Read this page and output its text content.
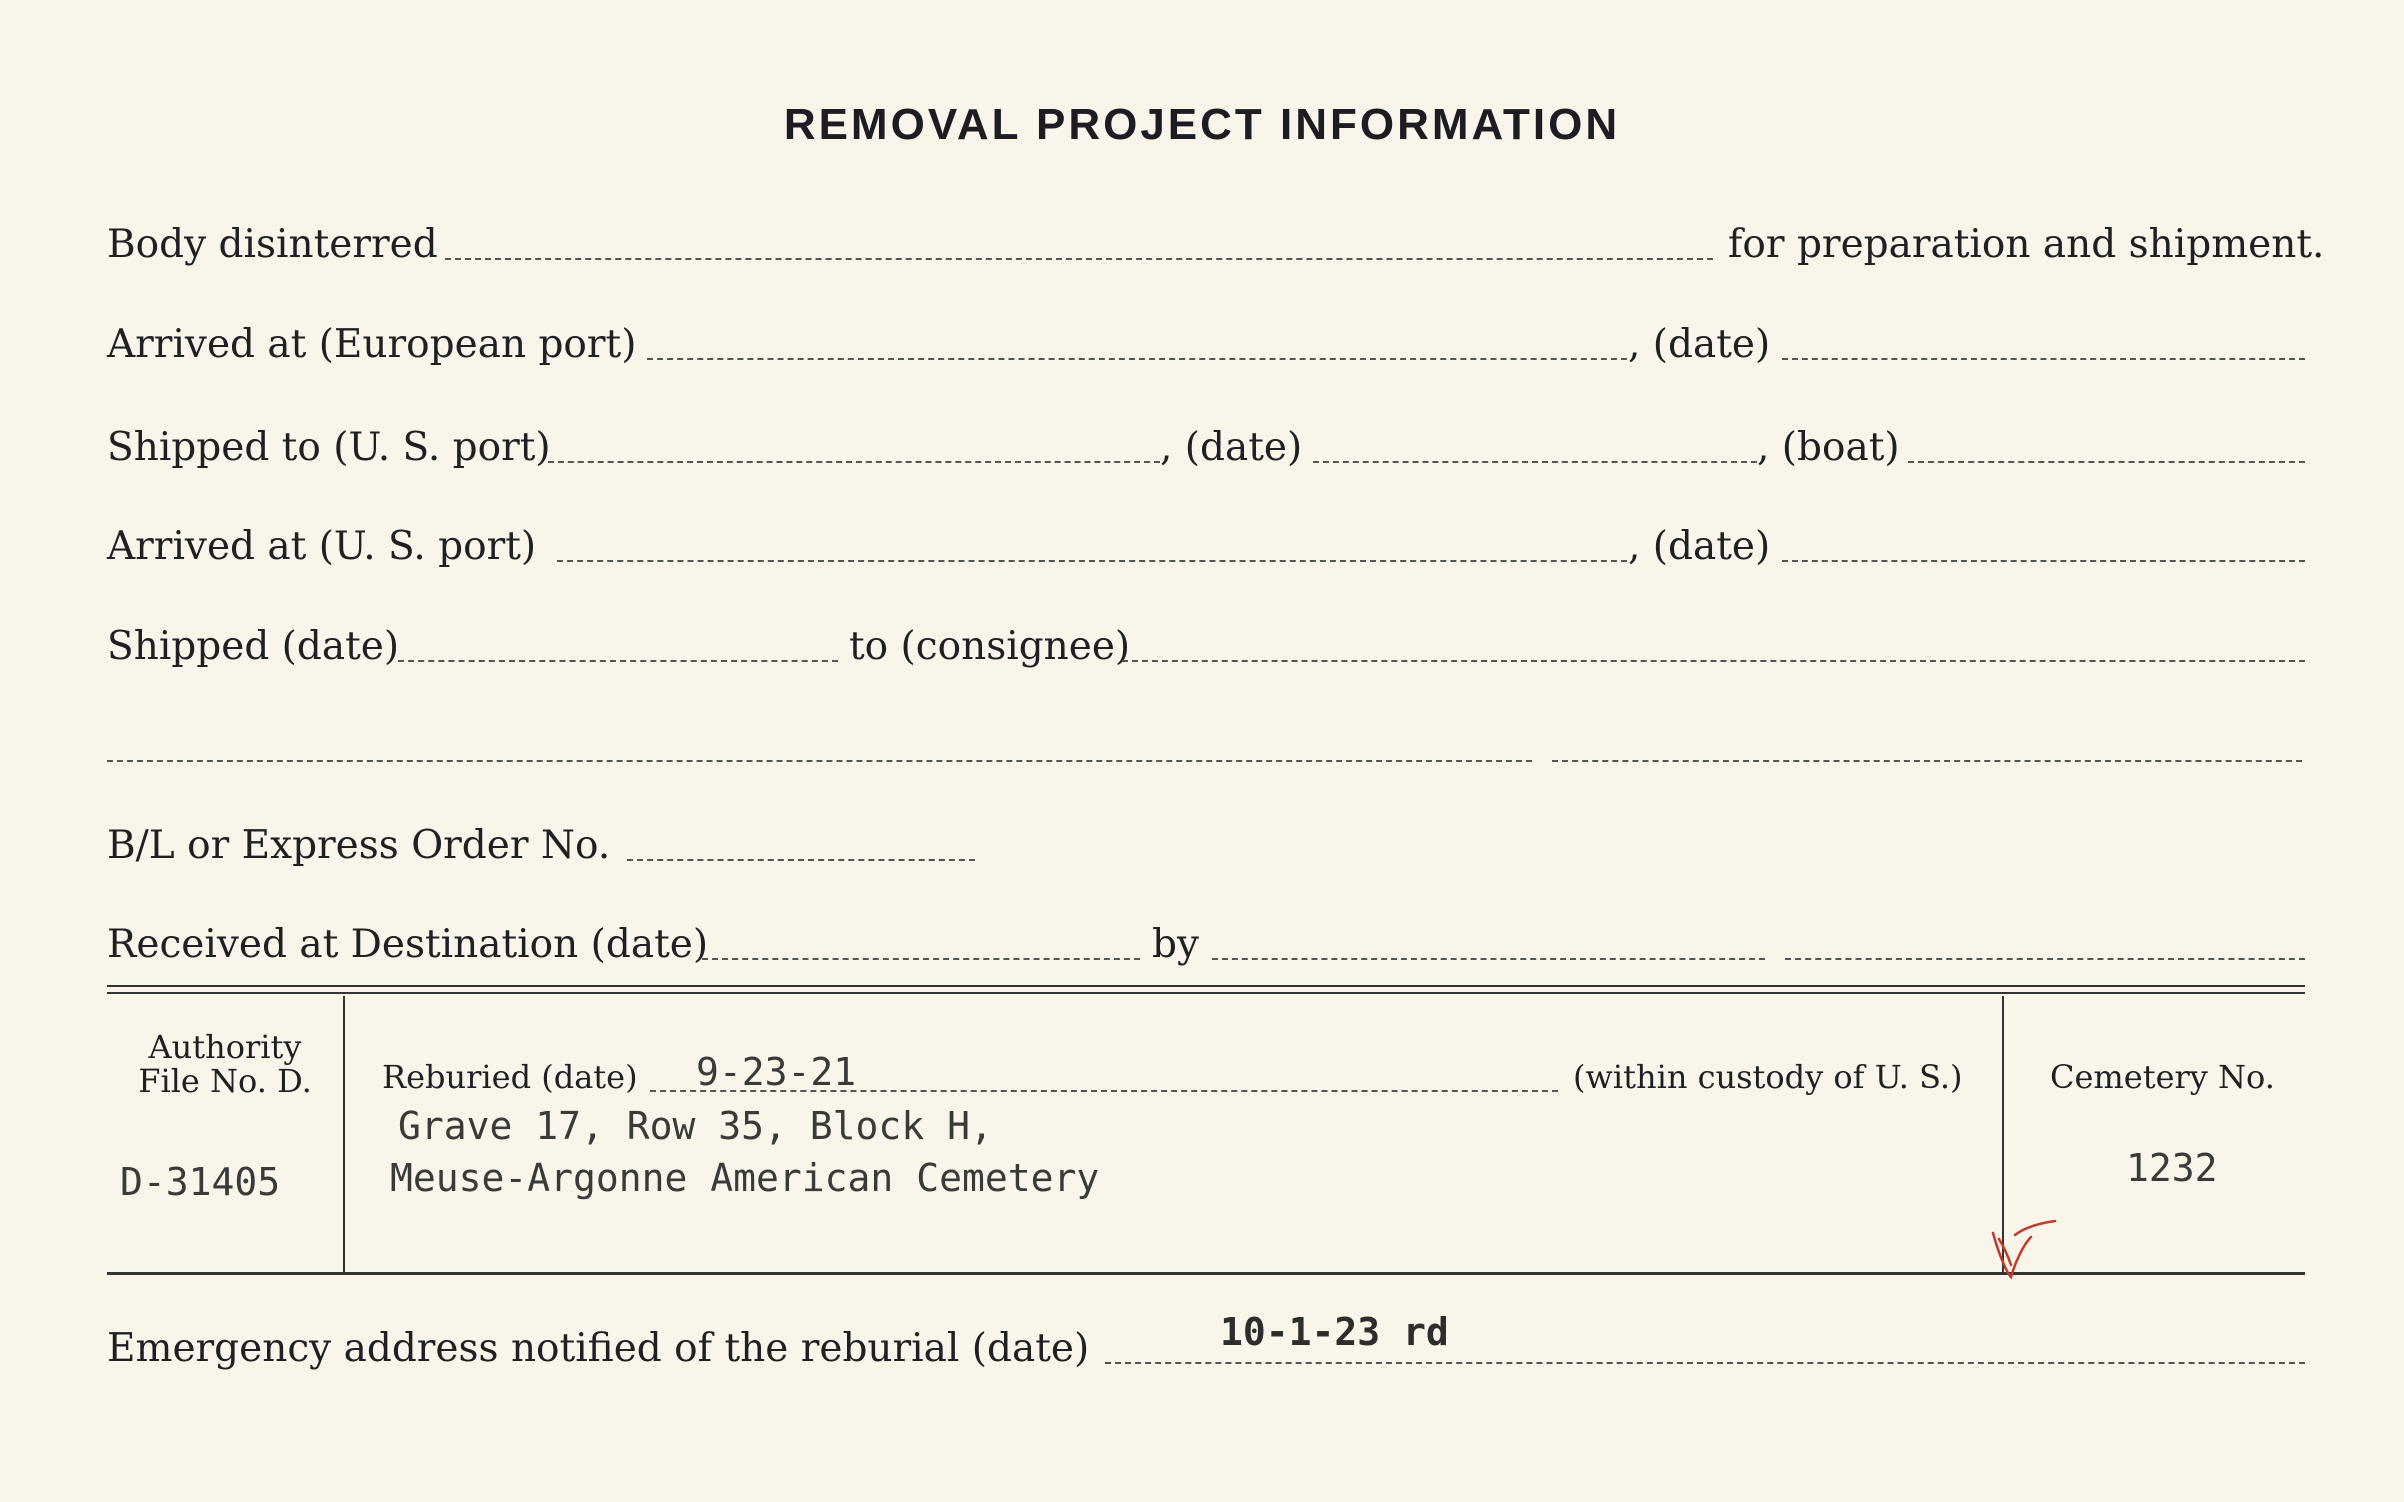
REMOVAL PROJECT INFORMATION
Body disinterred	for preparation and shipment.
Arrived at (European port)	, (date)
Shipped to (U. S. port)	, (date)	, (boat)
Arrived at (U. S. port)	, (date)
Shipped (date)	to (consignee)
B/L or Express Order No.
Received at Destination (date)	by
Authority
File No. D.
D-31405
Reburied (date) 9-23-21	(within custody of U. S.)
Grave 17, Row 35, Block H,
Meuse-Argonne American Cemetery
Cemetery No.
1232
Emergency address notified of the reburial (date)	10-1-23 rd
